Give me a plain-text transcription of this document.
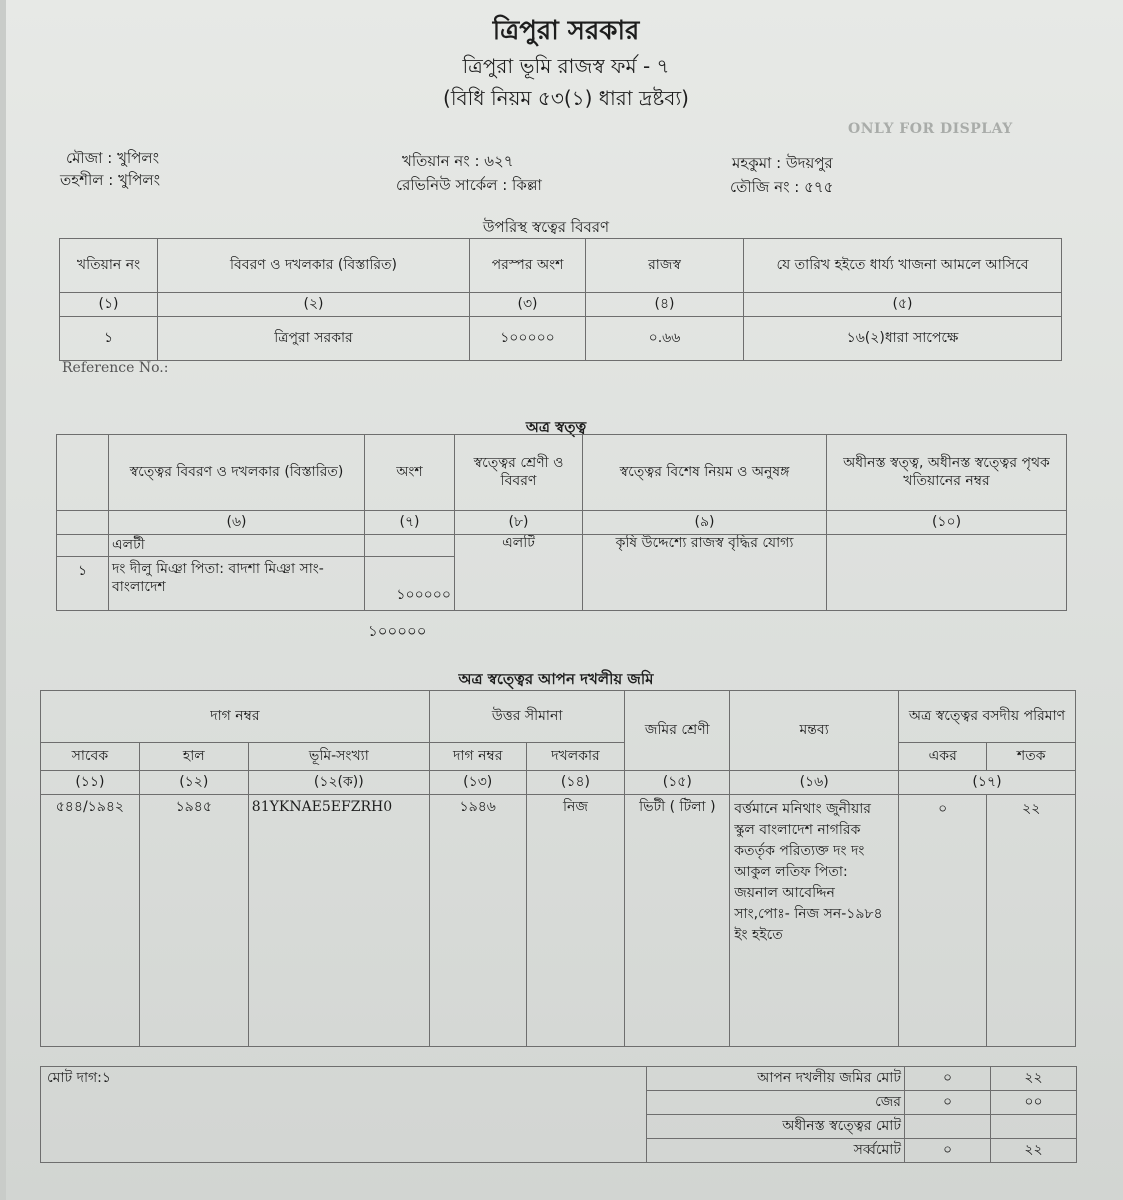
ত্রিপুরা সরকার
ত্রিপুরা ভূমি রাজস্ব ফর্ম - ৭
(বিধি নিয়ম ৫৩(১) ধারা দ্রষ্টব্য)
ONLY FOR DISPLAY
মৌজা : খুপিলং
তহশীল : খুপিলং
খতিয়ান নং : ৬২৭
রেভিনিউ সার্কেল : কিল্লা
মহকুমা : উদয়পুর
তৌজি নং : ৫৭৫
উপরিস্থ স্বত্বের বিবরণ
খতিয়ান নং	বিবরণ ও দখলকার (বিস্তারিত)	পরস্পর অংশ	রাজস্ব	যে তারিখ হইতে ধার্য্য খাজনা আমলে আসিবে
(১)	(২)	(৩)	(৪)	(৫)
১	ত্রিপুরা সরকার	১০০০০০	০.৬৬	১৬(২)ধারা সাপেক্ষে
Reference No.:
অত্র স্বত্ত্ব
	স্বত্ত্বের বিবরণ ও দখলকার (বিস্তারিত)	অংশ	স্বত্ত্বের শ্রেণী ও বিবরণ	স্বত্ত্বের বিশেষ নিয়ম ও অনুষঙ্গ	অধীনস্ত স্বত্ত্ব, অধীনস্ত স্বত্ত্বের পৃথক খতিয়ানের নম্বর
	(৬)	(৭)	(৮)	(৯)	(১০)
	এলটী		এলটি	কৃষি উদ্দেশ্যে রাজস্ব বৃদ্ধির যোগ্য	
১	দং দীলু মিঞ্রা পিতা: বাদশা মিঞ্রা সাং- বাংলাদেশ	১০০০০০			
১০০০০০
অত্র স্বত্ত্বের আপন দখলীয় জমি
দাগ নম্বর			উত্তর সীমানা		জমির শ্রেণী	মন্তব্য	অত্র স্বত্ত্বের বসদীয় পরিমাণ	
সাবেক	হাল	ভূমি-সংখ্যা	দাগ নম্বর	দখলকার			একর	শতক
(১১)	(১২)	(১২(ক))	(১৩)	(১৪)	(১৫)	(১৬)	(১৭)	
৫৪৪/১৯৪২	১৯৪৫	81YKNAE5EFZRH0	১৯৪৬	নিজ	ভিটী ( টিলা )	বর্ত্তমানে মনিথাং জুনীয়ার স্কুল বাংলাদেশ নাগরিক কতর্তৃক পরিত্যক্ত দং দং আকুল লতিফ পিতা: জয়নাল আবেদ্দিন সাং,পোঃ- নিজ সন-১৯৮৪ ইং হইতে	০	২২
মোট দাগ:১	আপন দখলীয় জমির মোট	০	২২
	জের	০	০০
	অধীনস্ত স্বত্ত্বের মোট		
	সর্ব্বমোট	০	২২
